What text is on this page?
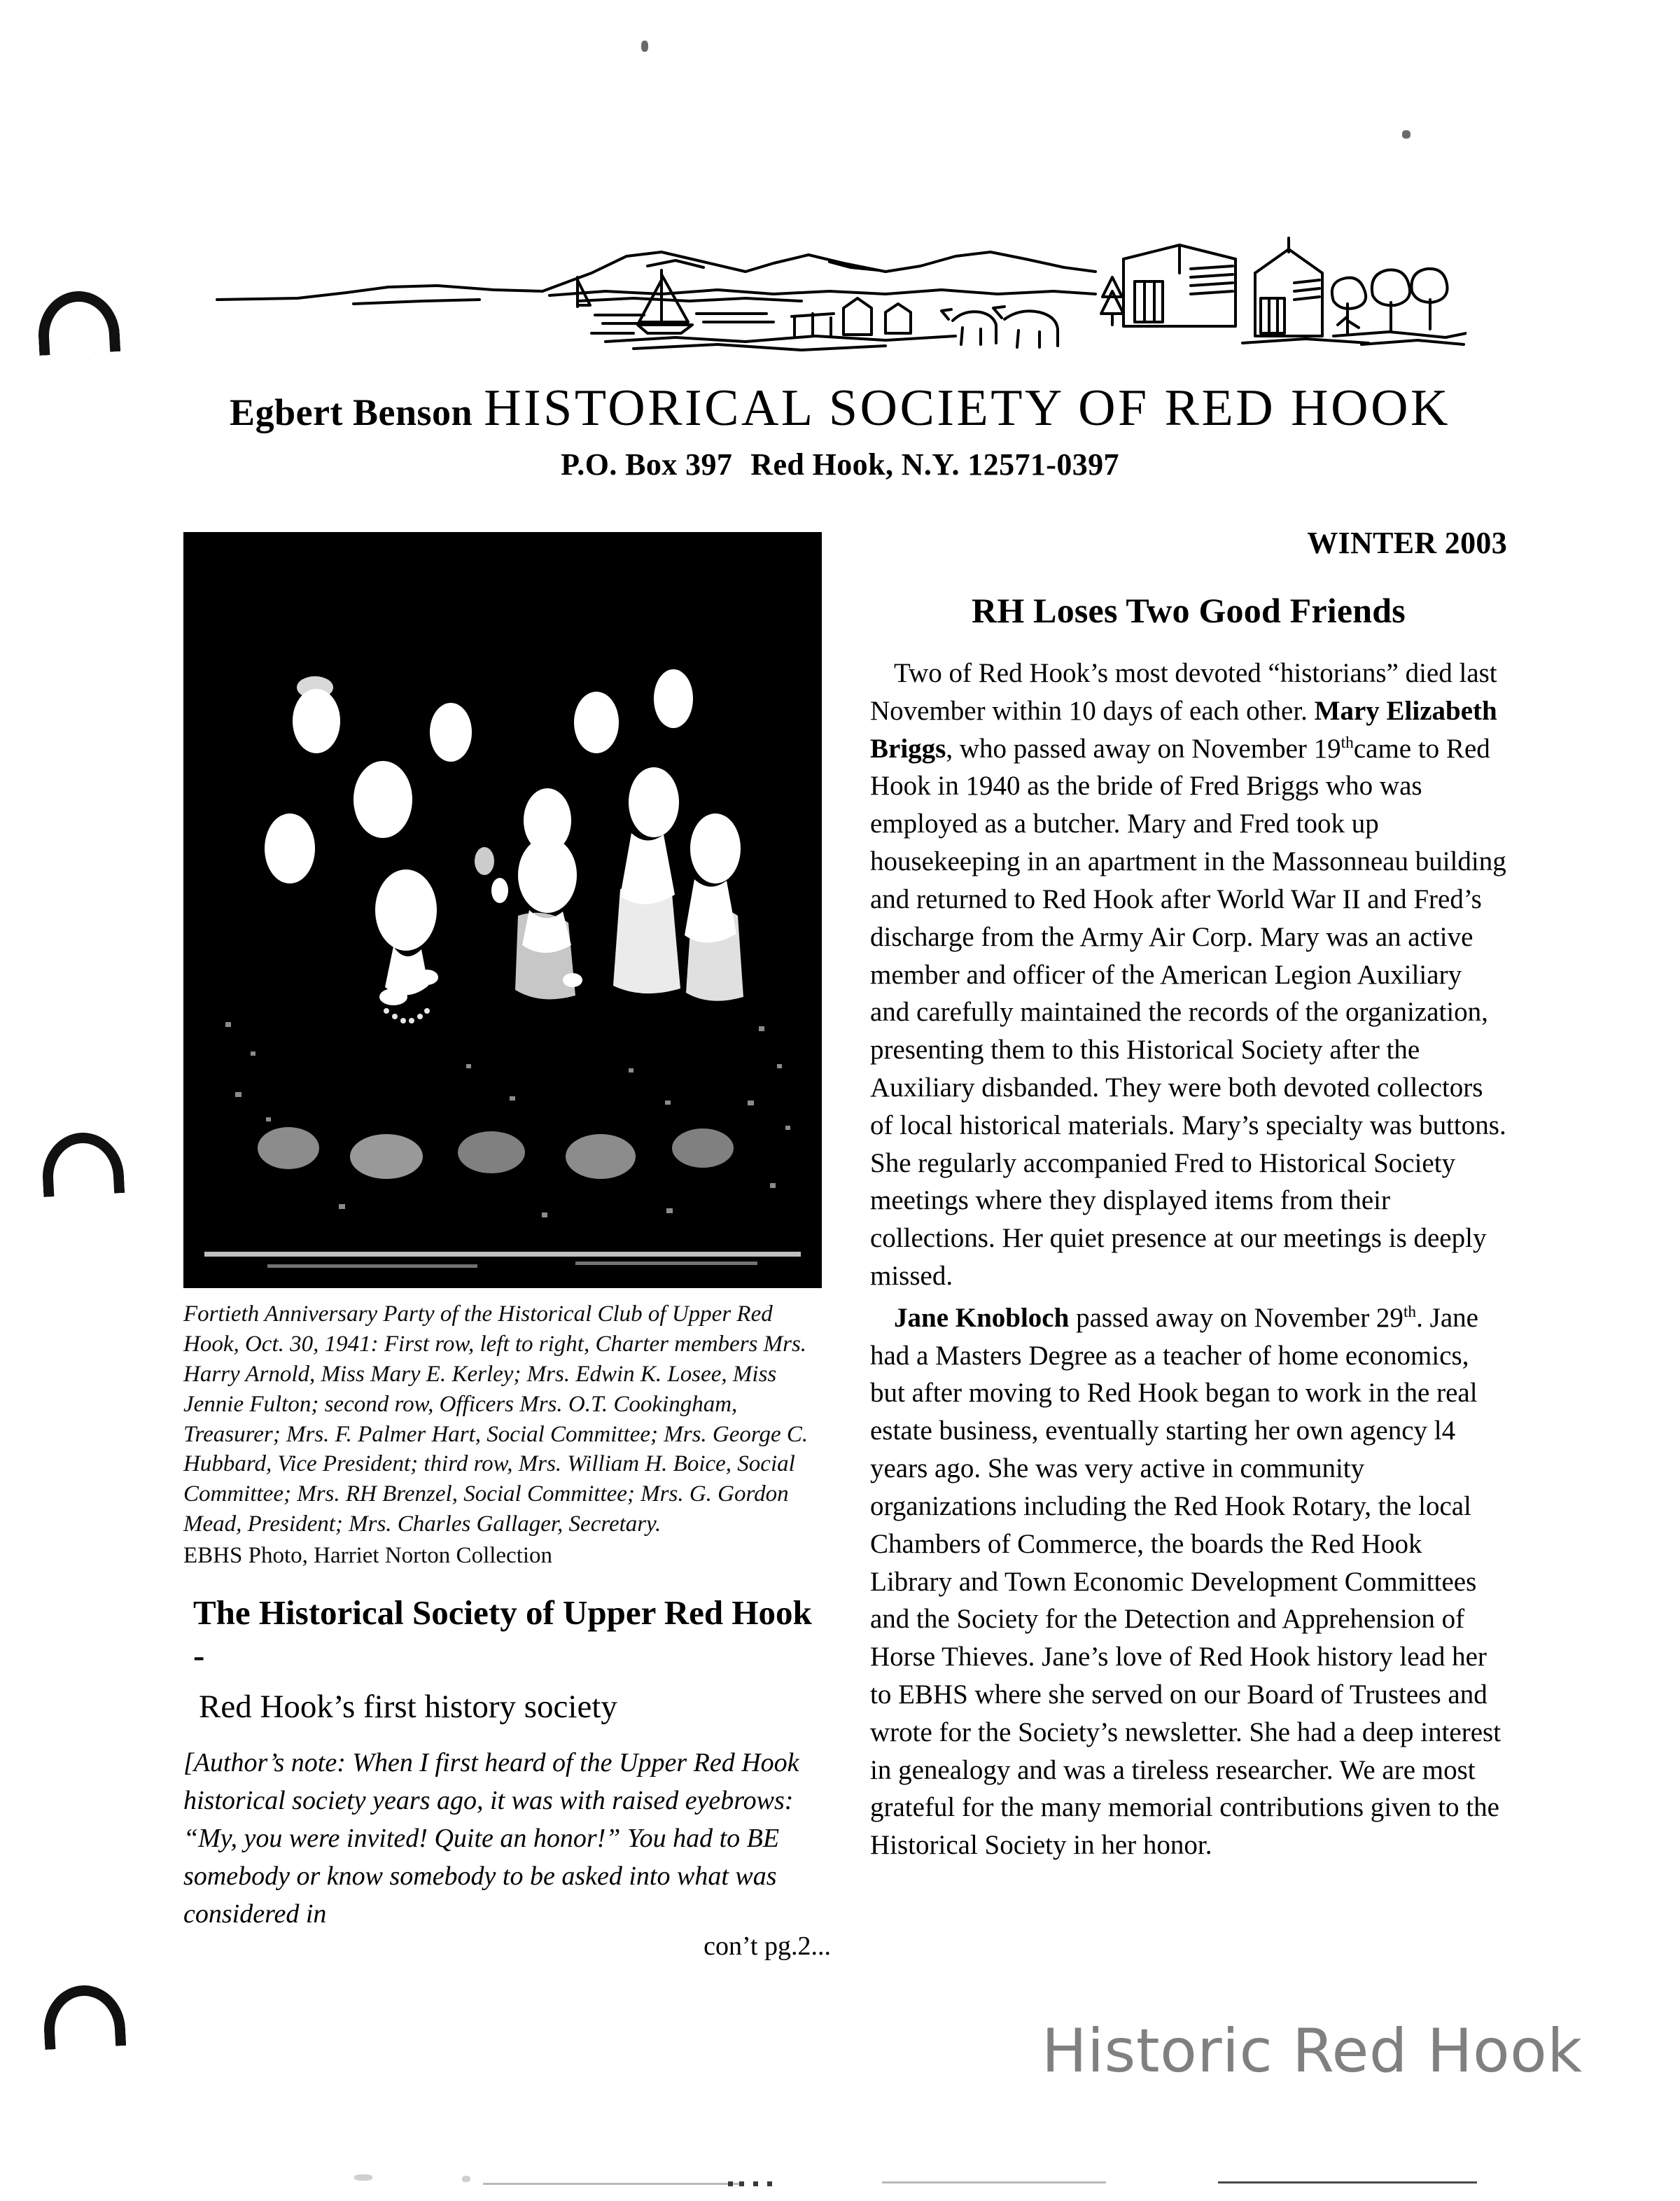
Egbert Benson HISTORICAL SOCIETY OF RED HOOK
P.O. Box 397 Red Hook, N.Y. 12571-0397
Fortieth Anniversary Party of the Historical Club of Upper Red Hook, Oct. 30, 1941: First row, left to right, Charter members Mrs. Harry Arnold, Miss Mary E. Kerley; Mrs. Edwin K. Losee, Miss Jennie Fulton; second row, Officers Mrs. O.T. Cookingham, Treasurer; Mrs. F. Palmer Hart, Social Committee; Mrs. George C. Hubbard, Vice President; third row, Mrs. William H. Boice, Social Committee; Mrs. RH Brenzel, Social Committee; Mrs. G. Gordon Mead, President; Mrs. Charles Gallager, Secretary.
EBHS Photo, Harriet Norton Collection
The Historical Society of Upper Red Hook -
Red Hook’s first history society
[Author’s note: When I first heard of the Upper Red Hook historical society years ago, it was with raised eyebrows: “My, you were invited! Quite an honor!” You had to BE somebody or know somebody to be asked into what was considered in
con’t pg.2...
WINTER 2003
RH Loses Two Good Friends
Two of Red Hook’s most devoted “historians” died last November within 10 days of each other. Mary Elizabeth Briggs, who passed away on November 19thcame to Red Hook in 1940 as the bride of Fred Briggs who was employed as a butcher. Mary and Fred took up housekeeping in an apartment in the Massonneau building and returned to Red Hook after World War II and Fred’s discharge from the Army Air Corp. Mary was an active member and officer of the American Legion Auxiliary and carefully maintained the records of the organization, presenting them to this Historical Society after the Auxiliary disbanded. They were both devoted collectors of local historical materials. Mary’s specialty was buttons. She regularly accompanied Fred to Historical Society meetings where they displayed items from their collections. Her quiet presence at our meetings is deeply missed.
Jane Knobloch passed away on November 29th. Jane had a Masters Degree as a teacher of home economics, but after moving to Red Hook began to work in the real estate business, eventually starting her own agency l4 years ago. She was very active in community organizations including the Red Hook Rotary, the local Chambers of Commerce, the boards the Red Hook Library and Town Economic Development Committees and the Society for the Detection and Apprehension of Horse Thieves. Jane’s love of Red Hook history lead her to EBHS where she served on our Board of Trustees and wrote for the Society’s newsletter. She had a deep interest in genealogy and was a tireless researcher. We are most grateful for the many memorial contributions given to the Historical Society in her honor.
Historic Red Hook
